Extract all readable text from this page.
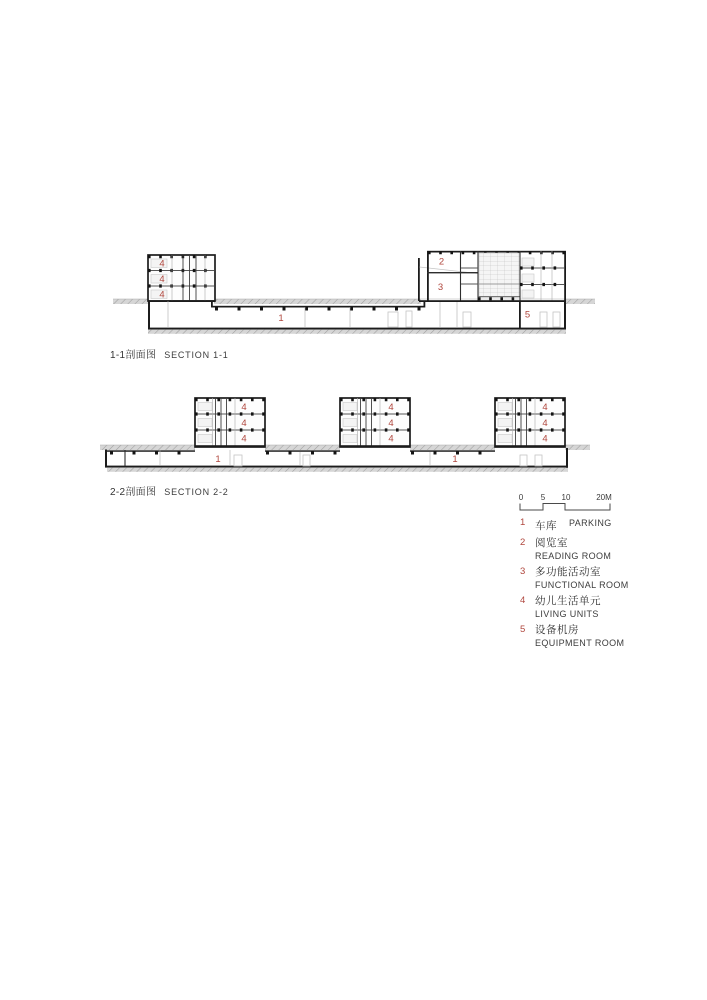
4
4
4
1
2
3
5
4
4
4
4
4
4
4
4
4
1	1
0 5 10	20M
1-1剖面图 SECTION 1-1
2-2剖面图 SECTION 2-2
1 车库 $^{PARKING}$
2 阅览室
READING ROOM
3 多功能活动室
FUNCTIONAL ROOM
4 幼儿生活单元
LIVING UNITS
5 设备机房
EQUIPMENT ROOM
